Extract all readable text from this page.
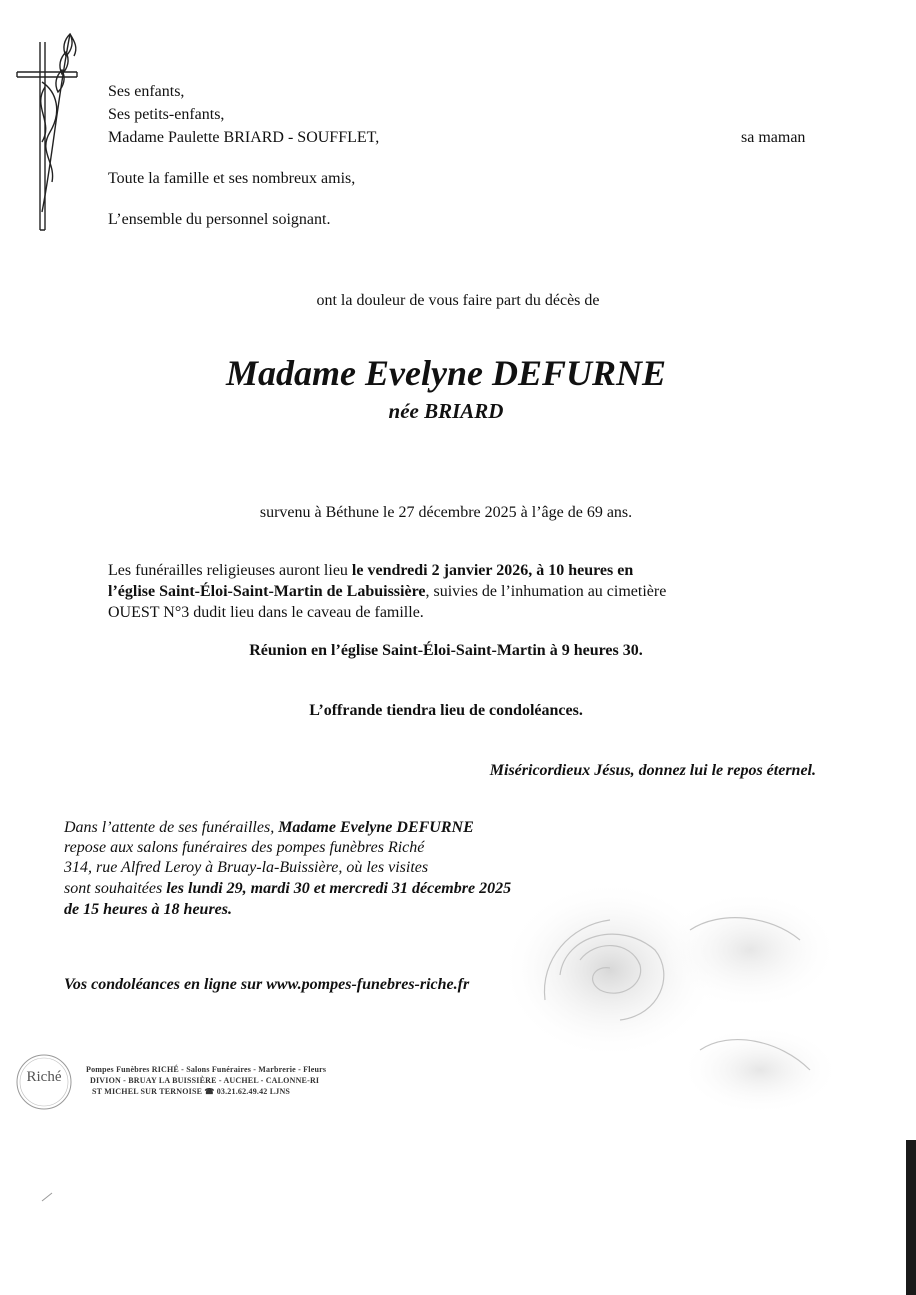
Ses enfants,
Ses petits-enfants,
Madame Paulette BRIARD - SOUFFLET,	sa maman
Toute la famille et ses nombreux amis,
L’ensemble du personnel soignant.
ont la douleur de vous faire part du décès de
Madame Evelyne DEFURNE
née BRIARD
survenu à Béthune le 27 décembre 2025 à l’âge de 69 ans.
Les funérailles religieuses auront lieu le vendredi 2 janvier 2026, à 10 heures en
l’église Saint-Éloi-Saint-Martin de Labuissière, suivies de l’inhumation au cimetière
OUEST N°3 dudit lieu dans le caveau de famille.
Réunion en l’église Saint-Éloi-Saint-Martin à 9 heures 30.
L’offrande tiendra lieu de condoléances.
Miséricordieux Jésus, donnez lui le repos éternel.
Dans l’attente de ses funérailles, Madame Evelyne DEFURNE
repose aux salons funéraires des pompes funèbres Riché
314, rue Alfred Leroy à Bruay-la-Buissière, où les visites
sont souhaitées les lundi 29, mardi 30 et mercredi 31 décembre 2025
de 15 heures à 18 heures.
Vos condoléances en ligne sur www.pompes-funebres-riche.fr
Riché	Pompes Funèbres RICHÉ - Salons Funéraires - Marbrerie - Fleurs
DIVION - BRUAY LA BUISSIÈRE - AUCHEL - CALONNE-RI
ST MICHEL SUR TERNOISE ☎ 03.21.62.49.42 LJNS
